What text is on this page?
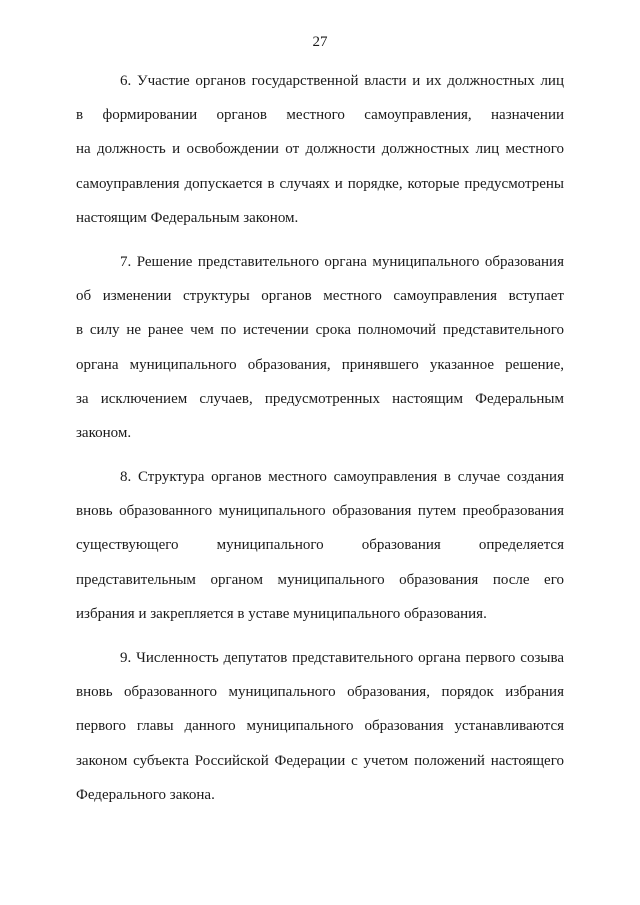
27
6. Участие органов государственной власти и их должностных лиц
в формировании органов местного самоуправления, назначении
на должность и освобождении от должности должностных лиц местного
самоуправления допускается в случаях и порядке, которые предусмотрены
настоящим Федеральным законом.
7. Решение представительного органа муниципального образования
об изменении структуры органов местного самоуправления вступает
в силу не ранее чем по истечении срока полномочий представительного
органа муниципального образования, принявшего указанное решение,
за исключением случаев, предусмотренных настоящим Федеральным
законом.
8. Структура органов местного самоуправления в случае создания
вновь образованного муниципального образования путем преобразования
существующего муниципального образования определяется
представительным органом муниципального образования после его
избрания и закрепляется в уставе муниципального образования.
9. Численность депутатов представительного органа первого созыва
вновь образованного муниципального образования, порядок избрания
первого главы данного муниципального образования устанавливаются
законом субъекта Российской Федерации с учетом положений настоящего
Федерального закона.
